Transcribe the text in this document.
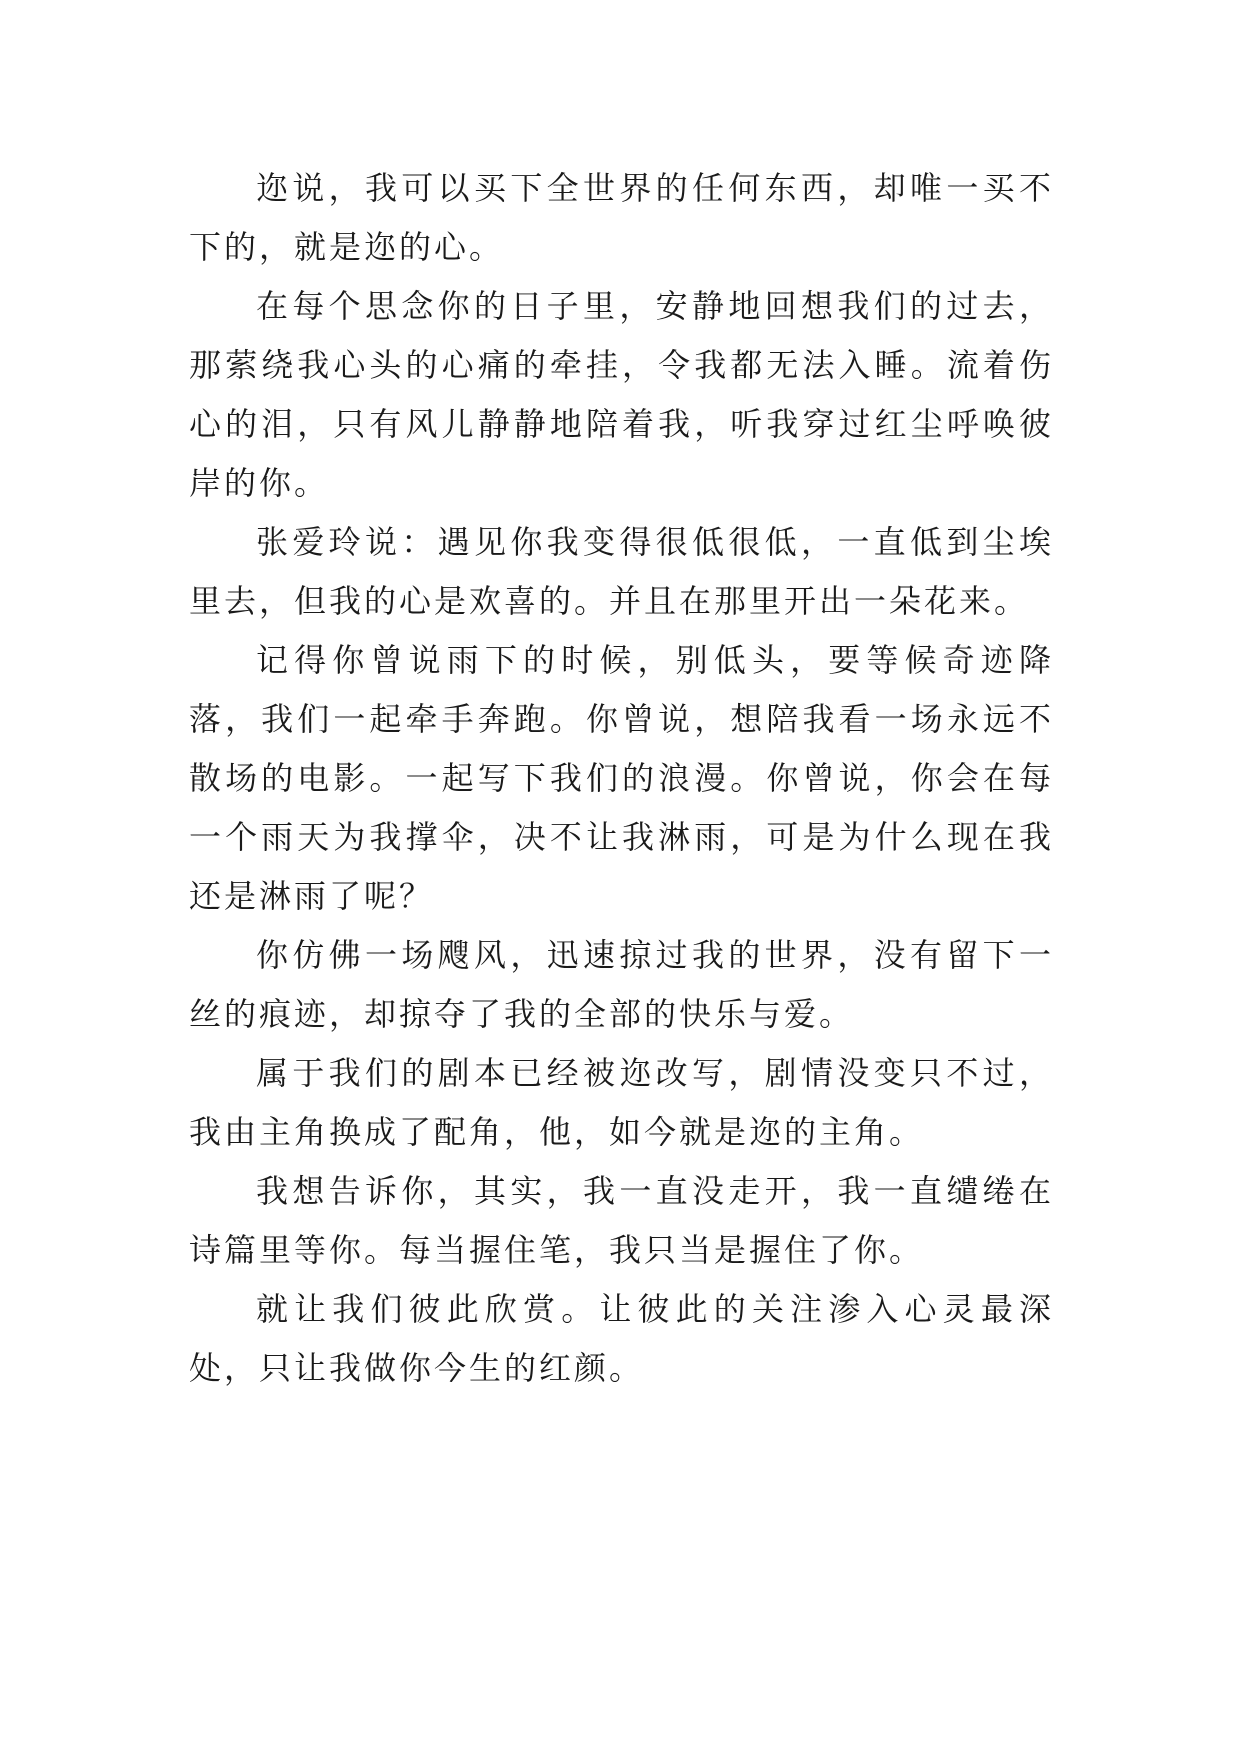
迩说，我可以买下全世界的任何东西，却唯一买不下的，就是迩的心。

在每个思念你的日子里，安静地回想我们的过去，那萦绕我心头的心痛的牵挂，令我都无法入睡。流着伤心的泪，只有风儿静静地陪着我，听我穿过红尘呼唤彼岸的你。

张爱玲说：遇见你我变得很低很低，一直低到尘埃里去，但我的心是欢喜的。并且在那里开出一朵花来。

记得你曾说雨下的时候，别低头，要等候奇迹降落，我们一起牵手奔跑。你曾说，想陪我看一场永远不散场的电影。一起写下我们的浪漫。你曾说，你会在每一个雨天为我撑伞，决不让我淋雨，可是为什么现在我还是淋雨了呢？

你仿佛一场飕风，迅速掠过我的世界，没有留下一丝的痕迹，却掠夺了我的全部的快乐与爱。

属于我们的剧本已经被迩改写，剧情没变只不过，我由主角换成了配角，他，如今就是迩的主角。

我想告诉你，其实，我一直没走开，我一直缱绻在诗篇里等你。每当握住笔，我只当是握住了你。

就让我们彼此欣赏。让彼此的关注渗入心灵最深处，只让我做你今生的红颜。
